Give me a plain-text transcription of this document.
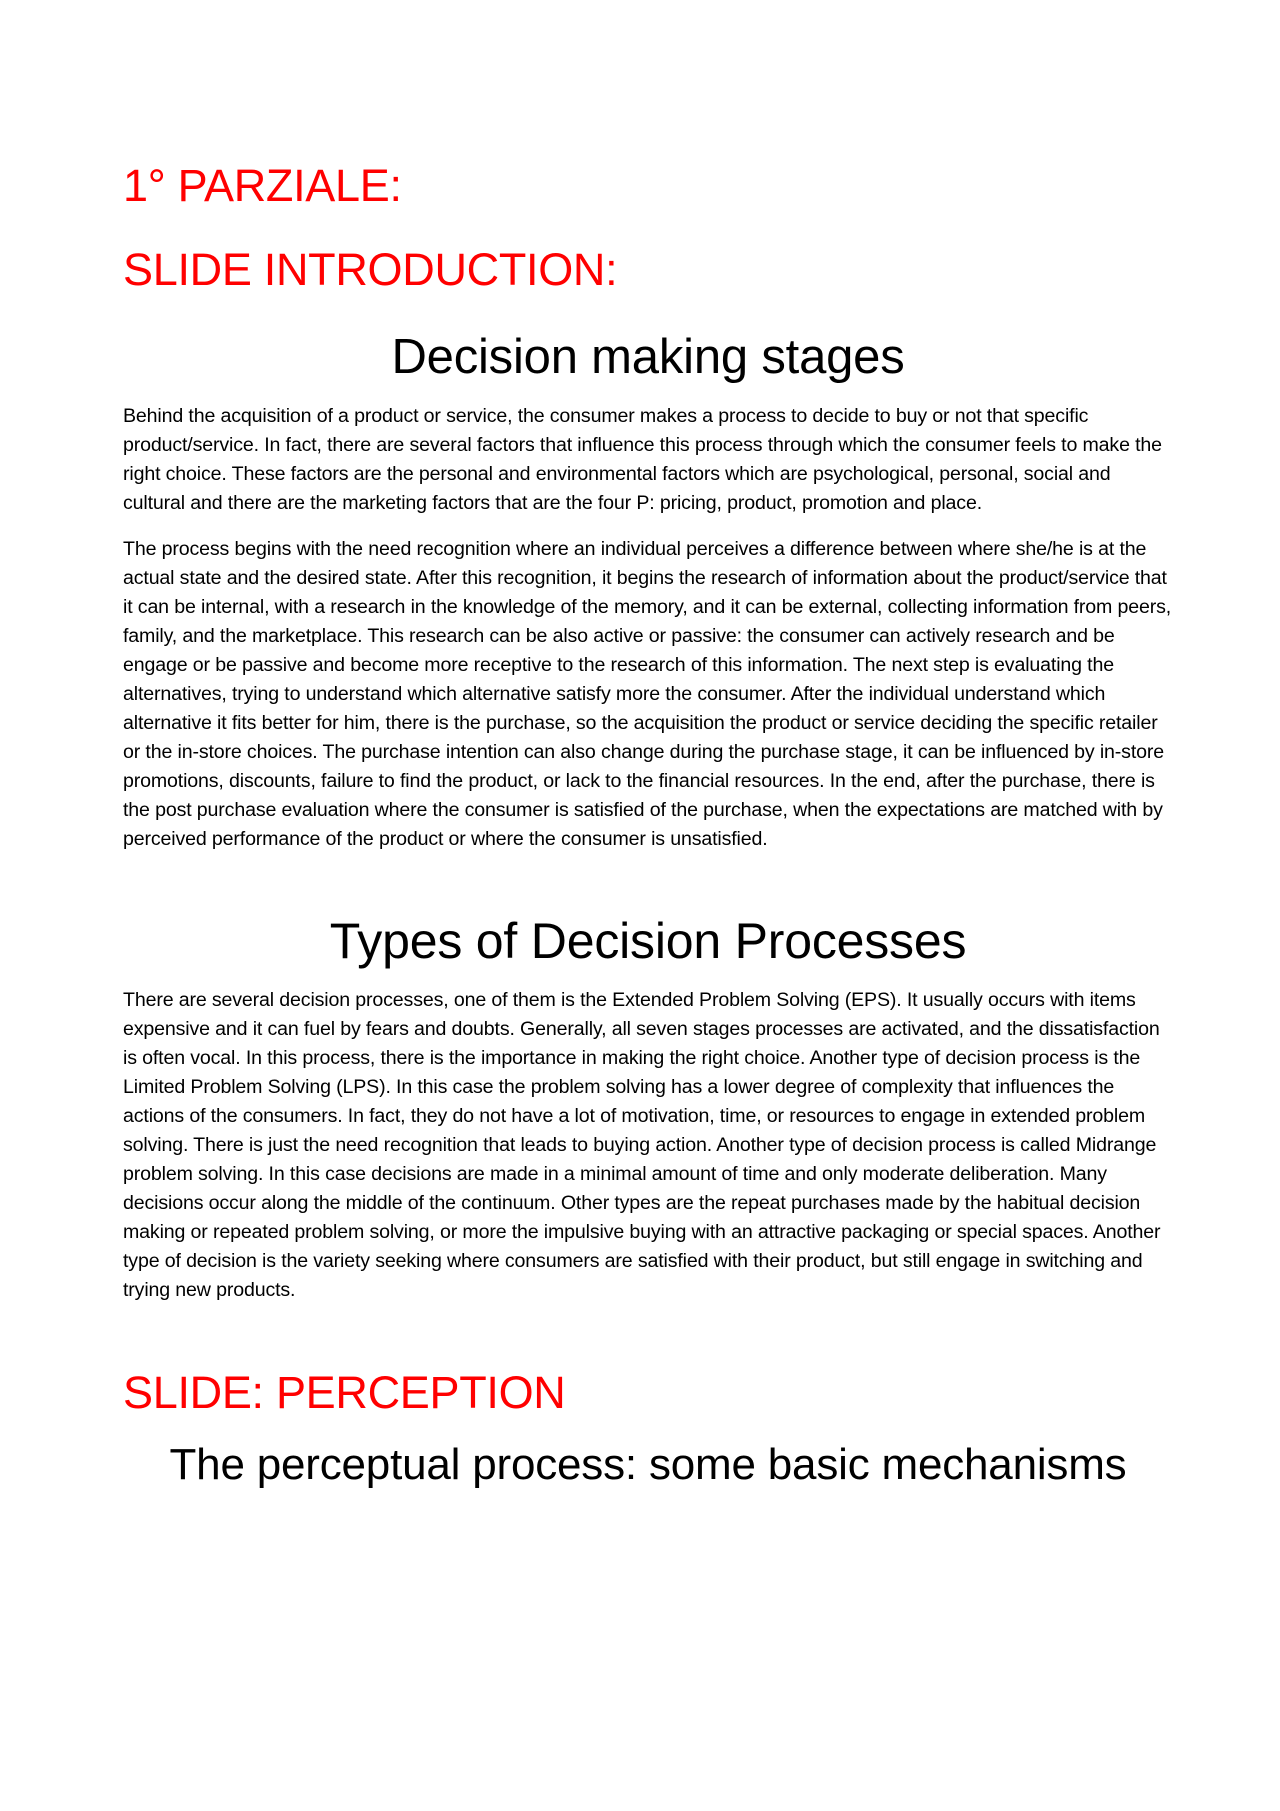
1° PARZIALE:
SLIDE INTRODUCTION:
Decision making stages

Behind the acquisition of a product or service, the consumer makes a process to decide to buy or not that specific product/service. In fact, there are several factors that influence this process through which the consumer feels to make the right choice. These factors are the personal and environmental factors which are psychological, personal, social and cultural and there are the marketing factors that are the four P: pricing, product, promotion and place.

The process begins with the need recognition where an individual perceives a difference between where she/he is at the actual state and the desired state. After this recognition, it begins the research of information about the product/service that it can be internal, with a research in the knowledge of the memory, and it can be external, collecting information from peers, family, and the marketplace. This research can be also active or passive: the consumer can actively research and be engage or be passive and become more receptive to the research of this information. The next step is evaluating the alternatives, trying to understand which alternative satisfy more the consumer. After the individual understand which alternative it fits better for him, there is the purchase, so the acquisition the product or service deciding the specific retailer or the in-store choices. The purchase intention can also change during the purchase stage, it can be influenced by in-store promotions, discounts, failure to find the product, or lack to the financial resources. In the end, after the purchase, there is the post purchase evaluation where the consumer is satisfied of the purchase, when the expectations are matched with by perceived performance of the product or where the consumer is unsatisfied.

Types of Decision Processes

There are several decision processes, one of them is the Extended Problem Solving (EPS). It usually occurs with items expensive and it can fuel by fears and doubts. Generally, all seven stages processes are activated, and the dissatisfaction is often vocal. In this process, there is the importance in making the right choice. Another type of decision process is the Limited Problem Solving (LPS). In this case the problem solving has a lower degree of complexity that influences the actions of the consumers. In fact, they do not have a lot of motivation, time, or resources to engage in extended problem solving. There is just the need recognition that leads to buying action. Another type of decision process is called Midrange problem solving. In this case decisions are made in a minimal amount of time and only moderate deliberation. Many decisions occur along the middle of the continuum. Other types are the repeat purchases made by the habitual decision making or repeated problem solving, or more the impulsive buying with an attractive packaging or special spaces. Another type of decision is the variety seeking where consumers are satisfied with their product, but still engage in switching and trying new products.

SLIDE: PERCEPTION
The perceptual process: some basic mechanisms
